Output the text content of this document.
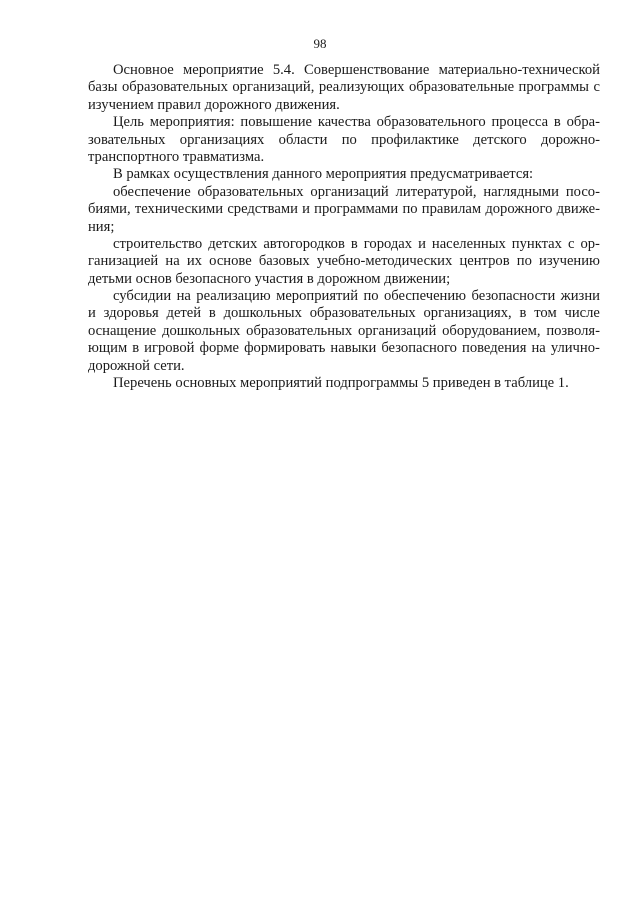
98
Основное мероприятие 5.4. Совершенствование материально-технической
базы образовательных организаций, реализующих образовательные программы с
изучением правил дорожного движения.
Цель мероприятия: повышение качества образовательного процесса в обра-
зовательных организациях области по профилактике детского дорожно-
транспортного травматизма.
В рамках осуществления данного мероприятия предусматривается:
обеспечение образовательных организаций литературой, наглядными посо-
биями, техническими средствами и программами по правилам дорожного движе-
ния;
строительство детских автогородков в городах и населенных пунктах с ор-
ганизацией на их основе базовых учебно-методических центров по изучению
детьми основ безопасного участия в дорожном движении;
субсидии на реализацию мероприятий по обеспечению безопасности жизни
и здоровья детей в дошкольных образовательных организациях, в том числе
оснащение дошкольных образовательных организаций оборудованием, позволя-
ющим в игровой форме формировать навыки безопасного поведения на улично-
дорожной сети.
Перечень основных мероприятий подпрограммы 5 приведен в таблице 1.
